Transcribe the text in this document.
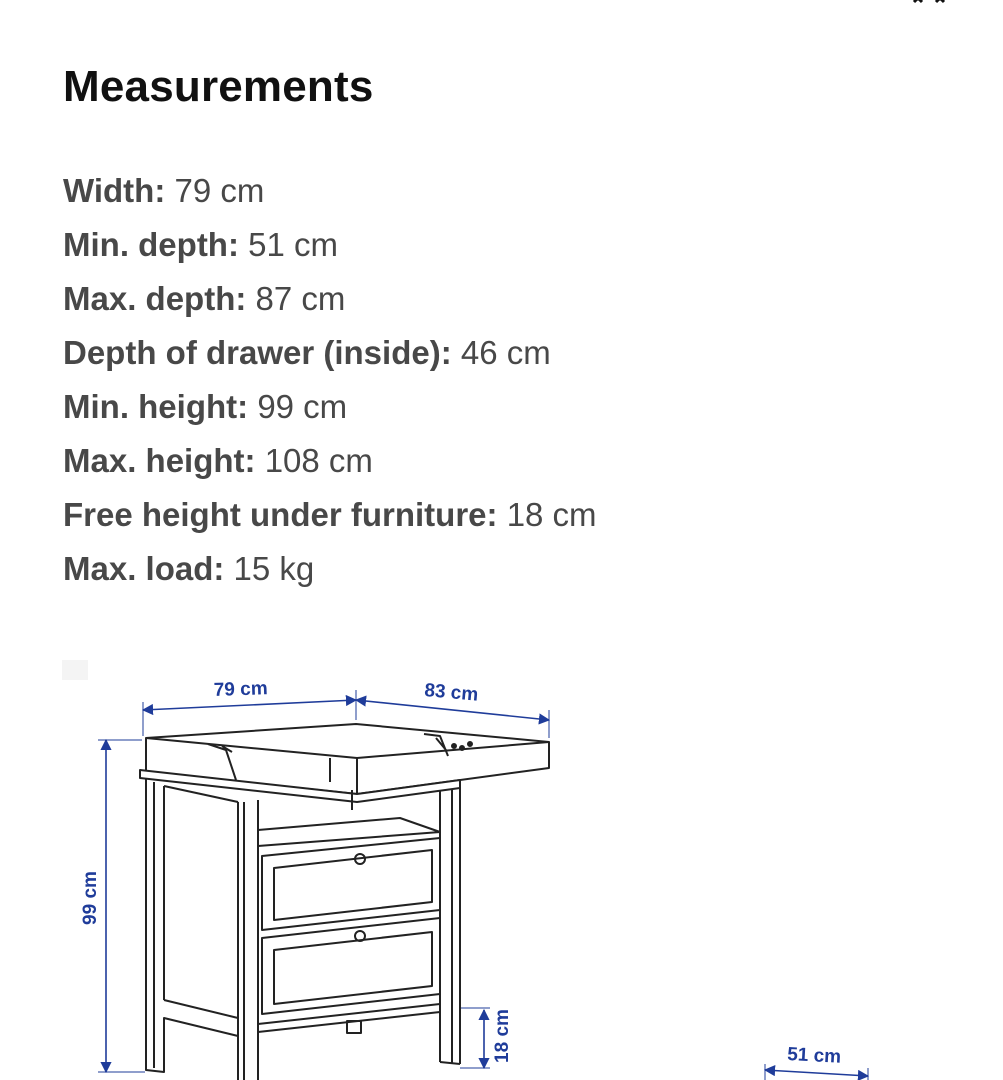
Measurements
Width: 79 cm
Min. depth: 51 cm
Max. depth: 87 cm
Depth of drawer (inside): 46 cm
Min. height: 99 cm
Max. height: 108 cm
Free height under furniture: 18 cm
Max. load: 15 kg
79 cm	83 cm
99 cm
18 cm	51 cm
